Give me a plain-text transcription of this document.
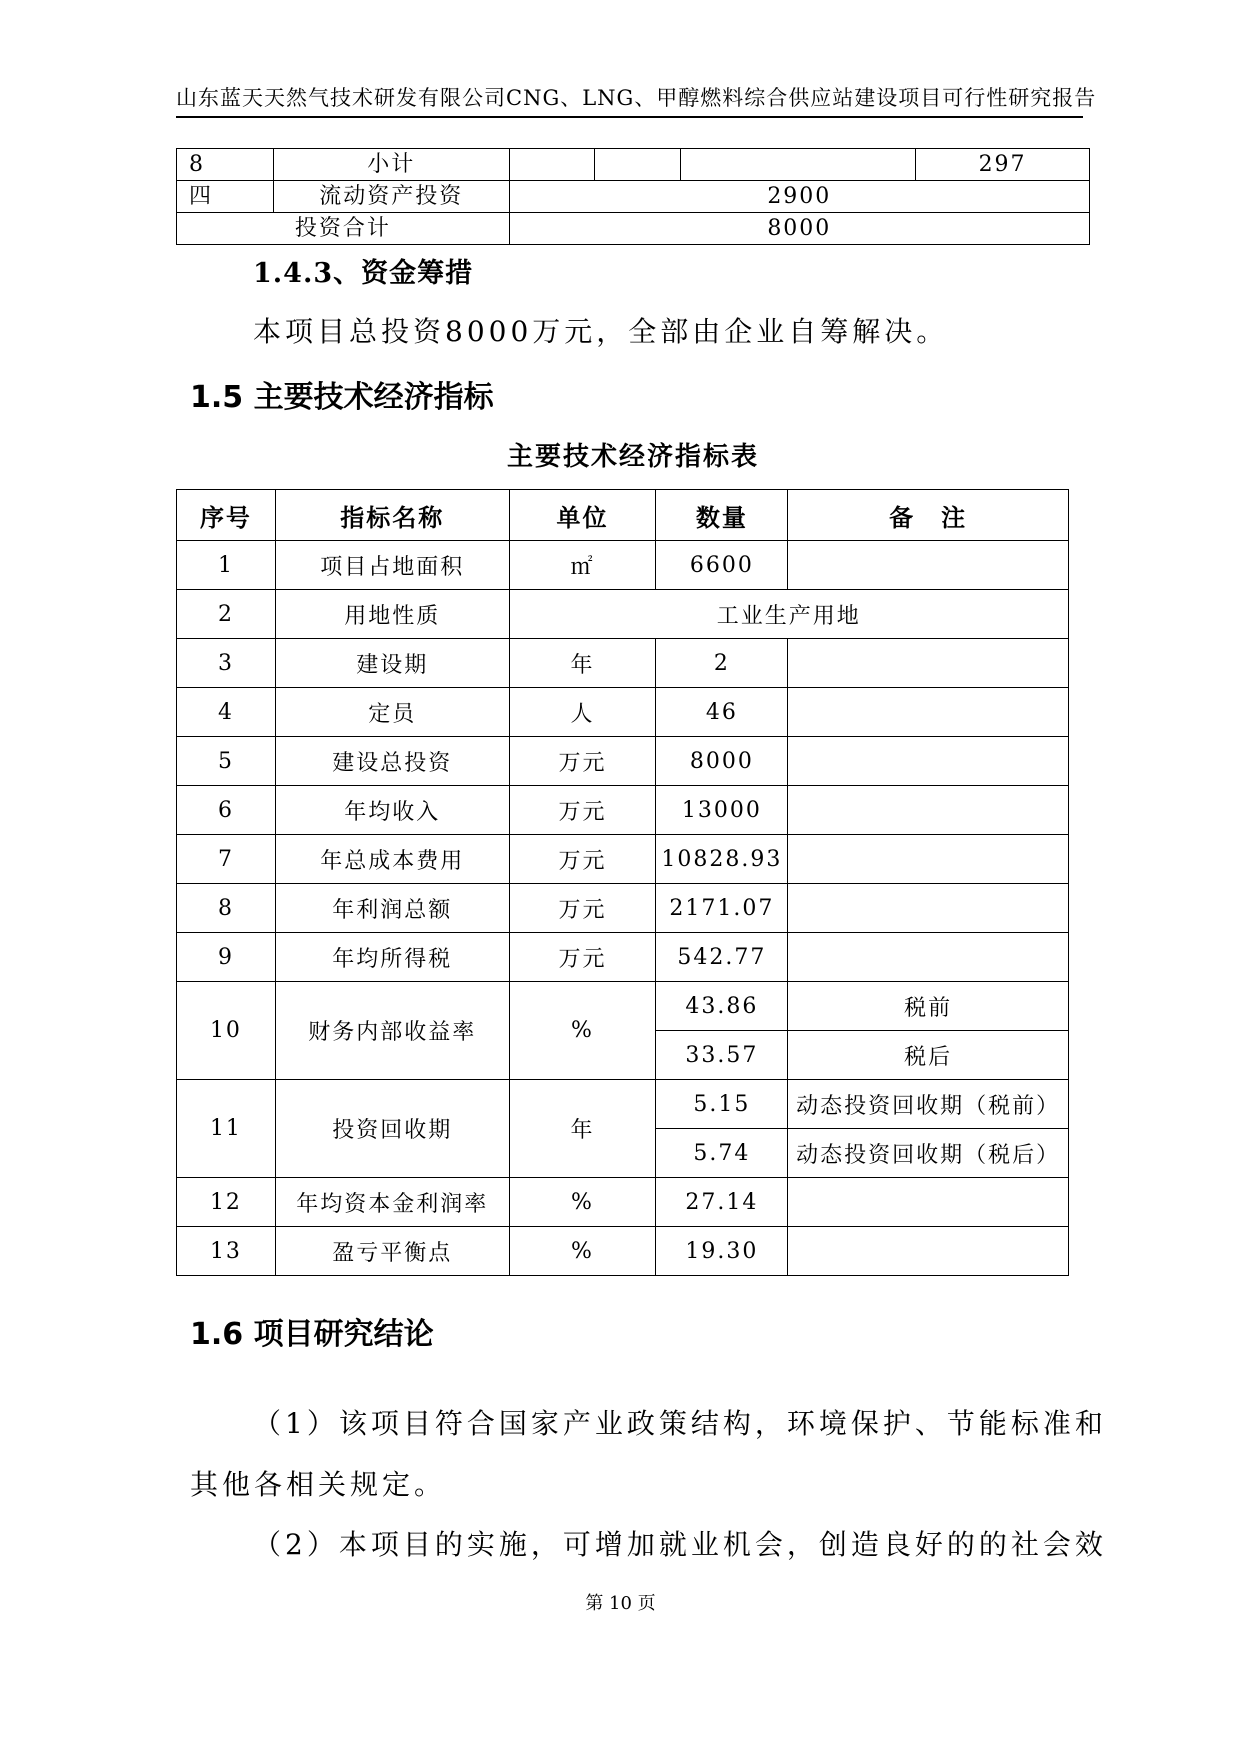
山东蓝天天然气技术研发有限公司CNG、LNG、甲醇燃料综合供应站建设项目可行性研究报告
8	小计				297
四	流动资产投资	2900			
投资合计		8000			
1.4.3、资金筹措
本项目总投资8000万元，全部由企业自筹解决。
1.5 主要技术经济指标
主要技术经济指标表
序号	指标名称	单位	数量	备　注
1	项目占地面积	㎡	6600	
2	用地性质	工业生产用地		
3	建设期	年	2	
4	定员	人	46	
5	建设总投资	万元	8000	
6	年均收入	万元	13000	
7	年总成本费用	万元	10828.93	
8	年利润总额	万元	2171.07	
9	年均所得税	万元	542.77	
10	财务内部收益率	%	43.86	税前
			33.57	税后
11	投资回收期	年	5.15	动态投资回收期（税前）
			5.74	动态投资回收期（税后）
12	年均资本金利润率	%	27.14	
13	盈亏平衡点	%	19.30	
1.6 项目研究结论
（1）该项目符合国家产业政策结构，环境保护、节能标准和
其他各相关规定。
（2）本项目的实施，可增加就业机会，创造良好的的社会效
第 10 页
